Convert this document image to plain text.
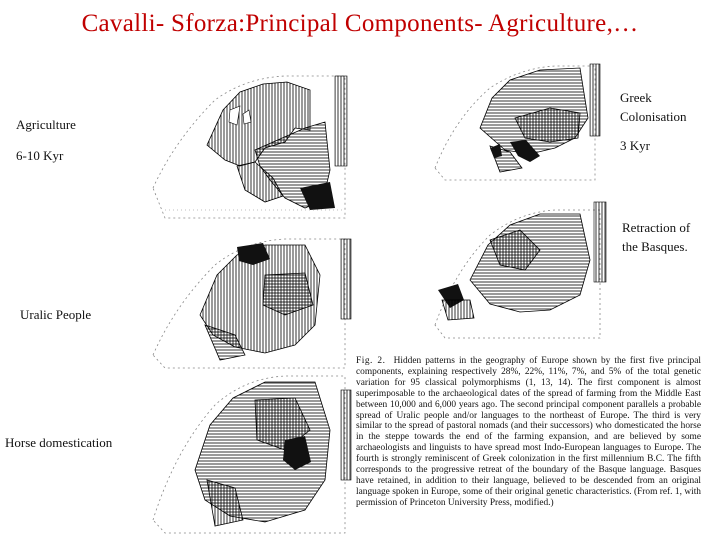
Cavalli- Sforza:Principal Components- Agriculture,…
Agriculture
6-10 Kyr
Greek
Colonisation
3 Kyr
Retraction of
the Basques.
Uralic People
Horse domestication
Fig. 2. Hidden patterns in the geography of Europe shown by the first five principal components, explaining respectively 28%, 22%, 11%, 7%, and 5% of the total genetic variation for 95 classical polymorphisms (1, 13, 14). The first component is almost superimposable to the archaeological dates of the spread of farming from the Middle East between 10,000 and 6,000 years ago. The second principal component parallels a probable spread of Uralic people and/or languages to the northeast of Europe. The third is very similar to the spread of pastoral nomads (and their successors) who domesticated the horse in the steppe towards the end of the farming expansion, and are believed by some archaeologists and linguists to have spread most Indo-European languages to Europe. The fourth is strongly reminiscent of Greek colonization in the first millennium B.C. The fifth corresponds to the progressive retreat of the boundary of the Basque language. Basques have retained, in addition to their language, believed to be descended from an original language spoken in Europe, some of their original genetic characteristics. (From ref. 1, with permission of Princeton University Press, modified.)
